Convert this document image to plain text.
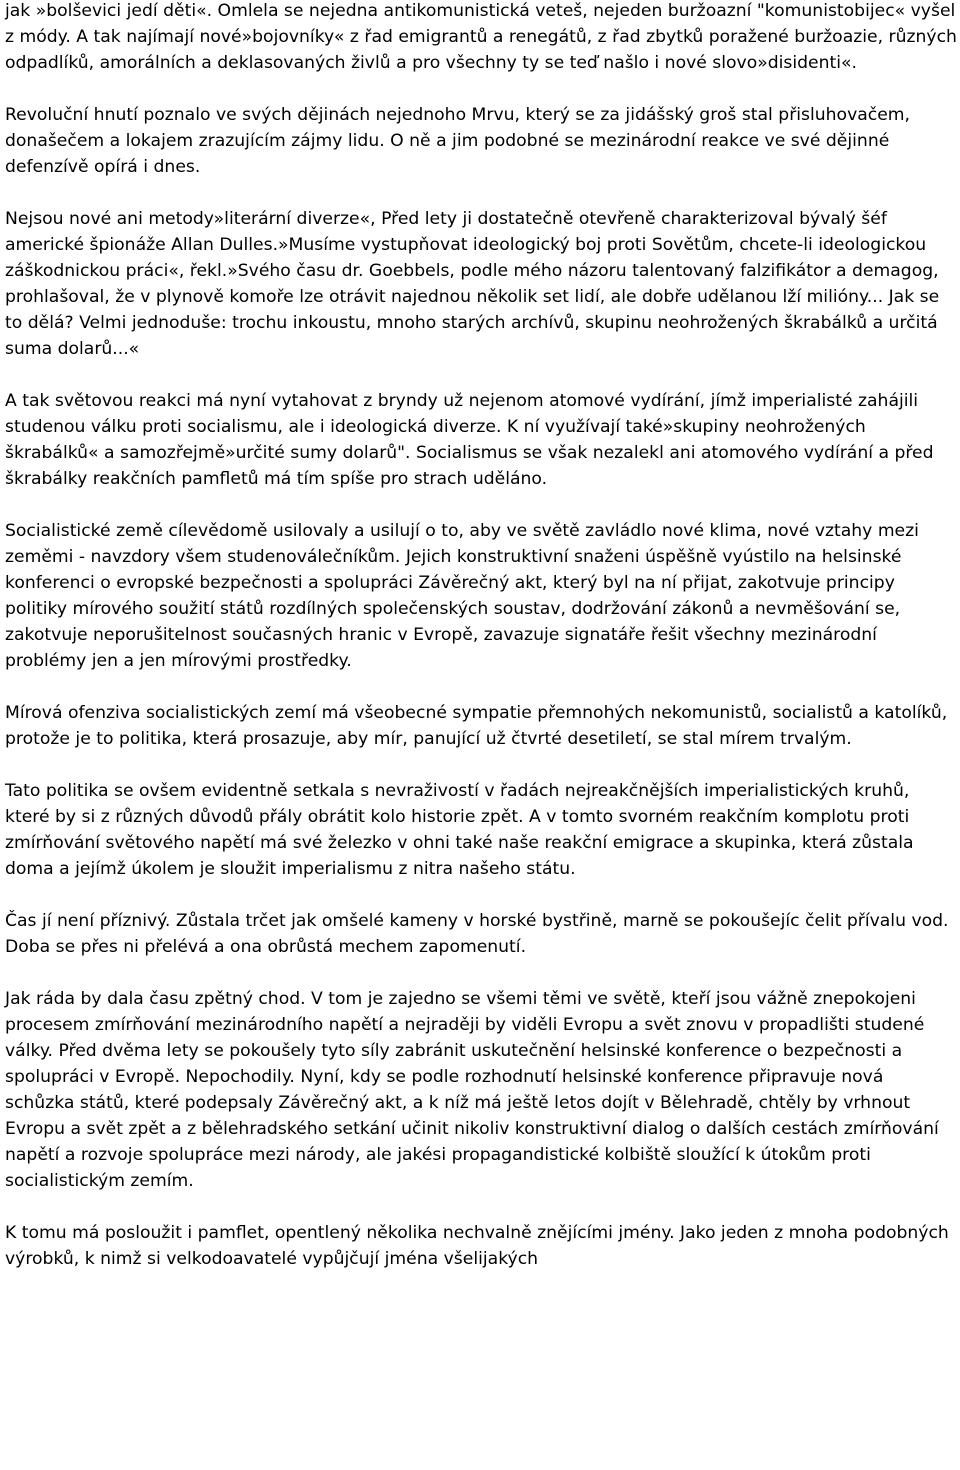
jak »bolševici jedí děti«. Omlela se nejedna antikomunistická veteš, nejeden buržoazní "komunistobijec« vyšel z módy. A tak najímají nové»bojovníky« z řad emigrantů a renegátů, z řad zbytků poražené buržoazie, různých odpadlíků, amorálních a deklasovaných živlů a pro všechny ty se teď našlo i nové slovo»disidenti«.

Revoluční hnutí poznalo ve svých dějinách nejednoho Mrvu, který se za jidášský groš stal přisluhovačem, donašečem a lokajem zrazujícím zájmy lidu. O ně a jim podobné se mezinárodní reakce ve své dějinné defenzívě opírá i dnes.

Nejsou nové ani metody»literární diverze«, Před lety ji dostatečně otevřeně charakterizoval bývalý šéf americké špionáže Allan Dulles.»Musíme vystupňovat ideologický boj proti Sovětům, chcete-li ideologickou záškodnickou práci«, řekl.»Svého času dr. Goebbels, podle mého názoru talentovaný falzifikátor a demagog, prohlašoval, že v plynově komoře lze otrávit najednou několik set lidí, ale dobře udělanou lží milióny... Jak se to dělá? Velmi jednoduše: trochu inkoustu, mnoho starých archívů, skupinu neohrožených škrabálků a určitá suma dolarů...«

A tak světovou reakci má nyní vytahovat z bryndy už nejenom atomové vydírání, jímž imperialisté zahájili studenou válku proti socialismu, ale i ideologická diverze. K ní využívají také»skupiny neohrožených škrabálků« a samozřejmě»určité sumy dolarů". Socialismus se však nezalekl ani atomového vydírání a před škrabálky reakčních pamfletů má tím spíše pro strach uděláno.

Socialistické země cílevědomě usilovaly a usilují o to, aby ve světě zavládlo nové klima, nové vztahy mezi zeměmi - navzdory všem studenoválečníkům. Jejich konstruktivní snaženi úspěšně vyústilo na helsinské konferenci o evropské bezpečnosti a spolupráci Závěrečný akt, který byl na ní přijat, zakotvuje principy politiky mírového soužití států rozdílných společenských soustav, dodržování zákonů a nevměšování se, zakotvuje neporušitelnost současných hranic v Evropě, zavazuje signatáře řešit všechny mezinárodní problémy jen a jen mírovými prostředky.

Mírová ofenziva socialistických zemí má všeobecné sympatie přemnohých nekomunistů, socialistů a katolíků, protože je to politika, která prosazuje, aby mír, panující už čtvrté desetiletí, se stal mírem trvalým.

Tato politika se ovšem evidentně setkala s nevraživostí v řadách nejreakčnějších imperialistických kruhů, které by si z různých důvodů přály obrátit kolo historie zpět. A v tomto svorném reakčním komplotu proti zmírňování světového napětí má své železko v ohni také naše reakční emigrace a skupinka, která zůstala doma a jejímž úkolem je sloužit imperialismu z nitra našeho státu.

Čas jí není příznivý. Zůstala trčet jak omšelé kameny v horské bystřině, marně se pokoušejíc čelit přívalu vod. Doba se přes ni přelévá a ona obrůstá mechem zapomenutí.

Jak ráda by dala času zpětný chod. V tom je zajedno se všemi těmi ve světě, kteří jsou vážně znepokojeni procesem zmírňování mezinárodního napětí a nejraději by viděli Evropu a svět znovu v propadlišti studené války. Před dvěma lety se pokoušely tyto síly zabránit uskutečnění helsinské konference o bezpečnosti a spolupráci v Evropě. Nepochodily. Nyní, kdy se podle rozhodnutí helsinské konference připravuje nová schůzka států, které podepsaly Závěrečný akt, a k níž má ještě letos dojít v Bělehradě, chtěly by vrhnout Evropu a svět zpět a z bělehradského setkání učinit nikoliv konstruktivní dialog o dalších cestách zmírňování napětí a rozvoje spolupráce mezi národy, ale jakési propagandistické kolbiště sloužící k útokům proti socialistickým zemím.

K tomu má posloužit i pamflet, opentlený několika nechvalně znějícími jmény. Jako jeden z mnoha podobných výrobků, k nimž si velkodoavatelé vypůjčují jména všelijakých
